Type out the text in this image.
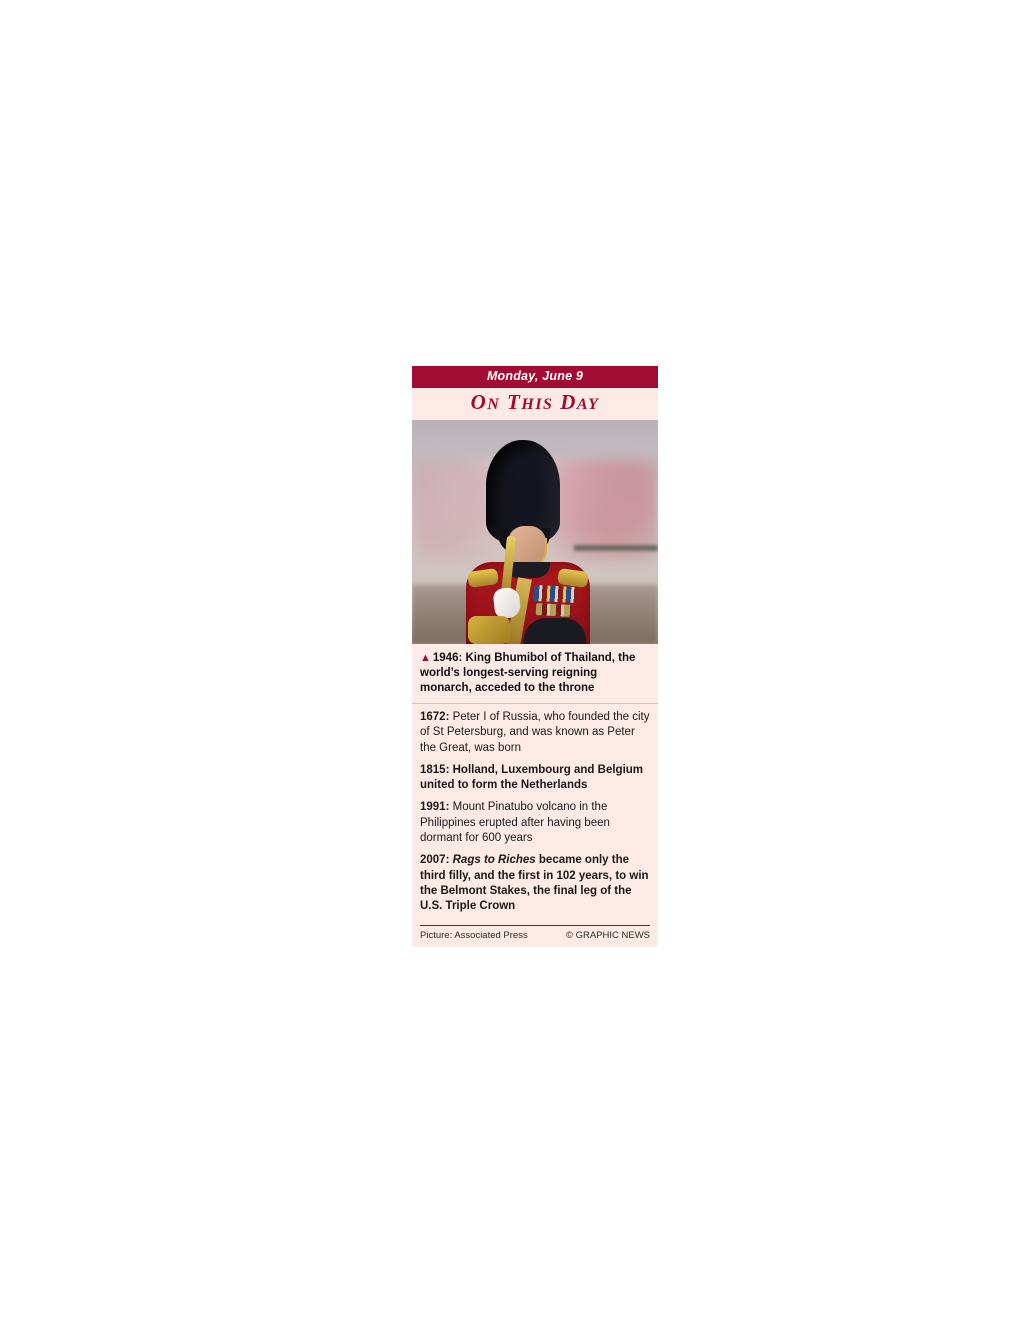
Monday, June 9
ON THIS DAY
▲ 1946: King Bhumibol of Thailand, the world’s longest-serving reigning monarch, acceded to the throne
1672: Peter I of Russia, who founded the city of St Petersburg, and was known as Peter the Great, was born
1815: Holland, Luxembourg and Belgium united to form the Netherlands
1991: Mount Pinatubo volcano in the Philippines erupted after having been dormant for 600 years
2007: Rags to Riches became only the third filly, and the first in 102 years, to win the Belmont Stakes, the final leg of the U.S. Triple Crown
Picture: Associated Press	© GRAPHIC NEWS
